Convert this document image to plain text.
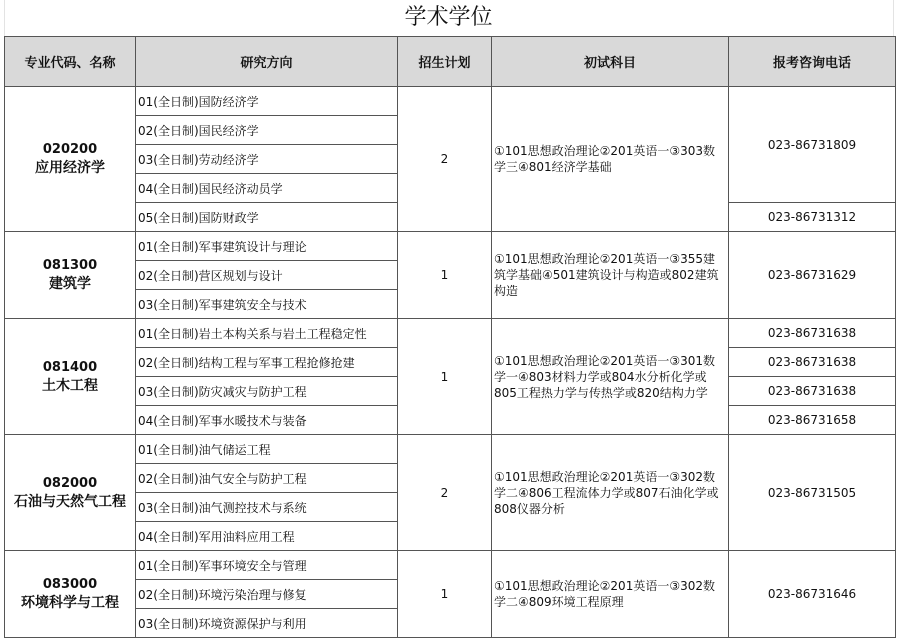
学术学位
专业代码、名称	研究方向	招生计划	初试科目	报考咨询电话

020200
应用经济学	01(全日制)国防经济学	2	①101思想政治理论②201英语一③303数学三④801经济学基础	023-86731809
	02(全日制)国民经济学			
	03(全日制)劳动经济学			
	04(全日制)国民经济动员学			
	05(全日制)国防财政学			023-86731312

081300
建筑学	01(全日制)军事建筑设计与理论	1	①101思想政治理论②201英语一③355建筑学基础④501建筑设计与构造或802建筑构造	023-86731629
	02(全日制)营区规划与设计			
	03(全日制)军事建筑安全与技术			

081400
土木工程	01(全日制)岩土本构关系与岩土工程稳定性	1	①101思想政治理论②201英语一③301数学一④803材料力学或804水分析化学或805工程热力学与传热学或820结构力学	023-86731638
	02(全日制)结构工程与军事工程抢修抢建			023-86731638
	03(全日制)防灾减灾与防护工程			023-86731638
	04(全日制)军事水暖技术与装备			023-86731658

082000
石油与天然气工程	01(全日制)油气储运工程	2	①101思想政治理论②201英语一③302数学二④806工程流体力学或807石油化学或808仪器分析	023-86731505
	02(全日制)油气安全与防护工程			
	03(全日制)油气测控技术与系统			
	04(全日制)军用油料应用工程			

083000
环境科学与工程	01(全日制)军事环境安全与管理	1	①101思想政治理论②201英语一③302数学二④809环境工程原理	023-86731646
	02(全日制)环境污染治理与修复			
	03(全日制)环境资源保护与利用			
